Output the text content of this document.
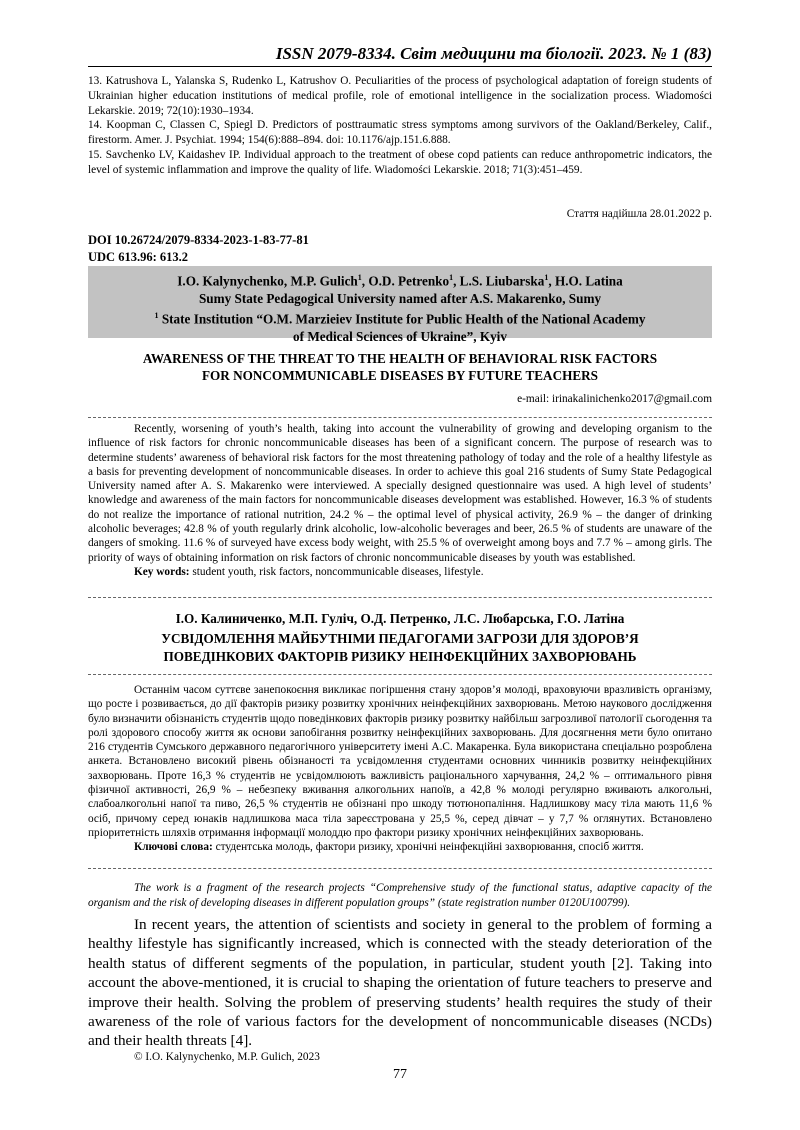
ISSN 2079-8334. Світ медицини та біології. 2023. № 1 (83)

13. Katrushova L, Yalanska S, Rudenko L, Katrushov O. Peculiarities of the process of psychological adaptation of foreign students of Ukrainian higher education institutions of medical profile, role of emotional intelligence in the socialization process. Wiadomości Lekarskie. 2019; 72(10):1930–1934.

14. Koopman C, Classen C, Spiegl D. Predictors of posttraumatic stress symptoms among survivors of the Oakland/Berkeley, Calif., firestorm. Amer. J. Psychiat. 1994; 154(6):888–894. doi: 10.1176/ajp.151.6.888.

15. Savchenko LV, Kaidashev IP. Individual approach to the treatment of obese copd patients can reduce anthropometric indicators, the level of systemic inflammation and improve the quality of life. Wiadomości Lekarskie. 2018; 71(3):451–459.

Стаття надійшла 28.01.2022 р.
DOI 10.26724/2079-8334-2023-1-83-77-81
UDC 613.96: 613.2
I.O. Kalynychenko, M.P. Gulich$^1$, O.D. Petrenko$^1$, L.S. Liubarska$^1$, H.O. Latina
Sumy State Pedagogical University named after A.S. Makarenko, Sumy
$^1$ State Institution “O.M. Marzieiev Institute for Public Health of the National Academy
of Medical Sciences of Ukraine”, Kyiv
AWARENESS OF THE THREAT TO THE HEALTH OF BEHAVIORAL RISK FACTORS
FOR NONCOMMUNICABLE DISEASES BY FUTURE TEACHERS
e-mail: irinakalinichenko2017@gmail.com

Recently, worsening of youth’s health, taking into account the vulnerability of growing and developing organism to the influence of risk factors for chronic noncommunicable diseases has been of a significant concern. The purpose of research was to determine students’ awareness of behavioral risk factors for the most threatening pathology of today and the role of a healthy lifestyle as a basis for preventing development of noncommunicable diseases. In order to achieve this goal 216 students of Sumy State Pedagogical University named after A. S. Makarenko were interviewed. A specially designed questionnaire was used. A high level of students’ knowledge and awareness of the main factors for noncommunicable diseases development was established. However, 16.3 % of students do not realize the importance of rational nutrition, 24.2 % – the optimal level of physical activity, 26.9 % – the danger of drinking alcoholic beverages; 42.8 % of youth regularly drink alcoholic, low-alcoholic beverages and beer, 26.5 % of students are unaware of the dangers of smoking. 11.6 % of surveyed have excess body weight, with 25.5 % of overweight among boys and 7.7 % – among girls. The priority of ways of obtaining information on risk factors of chronic noncommunicable diseases by youth was established.

Key words: student youth, risk factors, noncommunicable diseases, lifestyle.

І.О. Калиниченко, М.П. Гуліч, О.Д. Петренко, Л.С. Любарська, Г.О. Латіна
УСВІДОМЛЕННЯ МАЙБУТНІМИ ПЕДАГОГАМИ ЗАГРОЗИ ДЛЯ ЗДОРОВ’Я
ПОВЕДІНКОВИХ ФАКТОРІВ РИЗИКУ НЕІНФЕКЦІЙНИХ ЗАХВОРЮВАНЬ

Останнім часом суттєве занепокоєння викликає погіршення стану здоров’я молоді, враховуючи вразливість організму, що росте і розвивається, до дії факторів ризику розвитку хронічних неінфекційних захворювань. Метою наукового дослідження було визначити обізнаність студентів щодо поведінкових факторів ризику розвитку найбільш загрозливої патології сьогодення та ролі здорового способу життя як основи запобігання розвитку неінфекційних захворювань. Для досягнення мети було опитано 216 студентів Сумського державного педагогічного університету імені А.С. Макаренка. Була використана спеціально розроблена анкета. Встановлено високий рівень обізнаності та усвідомлення студентами основних чинників розвитку неінфекційних захворювань. Проте 16,3 % студентів не усвідомлюють важливість раціонального харчування, 24,2 % – оптимального рівня фізичної активності, 26,9 % – небезпеку вживання алкогольних напоїв, а 42,8 % молоді регулярно вживають алкогольні, слабоалкогольні напої та пиво, 26,5 % студентів не обізнані про шкоду тютюнопаління. Надлишкову масу тіла мають 11,6 % осіб, причому серед юнаків надлишкова маса тіла зареєстрована у 25,5 %, серед дівчат – у 7,7 % оглянутих. Встановлено пріоритетність шляхів отримання інформації молоддю про фактори ризику хронічних неінфекційних захворювань.

Ключові слова: студентська молодь, фактори ризику, хронічні неінфекційні захворювання, спосіб життя.

The work is a fragment of the research projects “Comprehensive study of the functional status, adaptive capacity of the organism and the risk of developing diseases in different population groups” (state registration number 0120U100799).

In recent years, the attention of scientists and society in general to the problem of forming a healthy lifestyle has significantly increased, which is connected with the steady deterioration of the health status of different segments of the population, in particular, student youth [2]. Taking into account the above-mentioned, it is crucial to shaping the orientation of future teachers to preserve and improve their health. Solving the problem of preserving students’ health requires the study of their awareness of the role of various factors for the development of noncommunicable diseases (NCDs) and their health threats [4].

© I.O. Kalynychenko, M.P. Gulich, 2023
77
